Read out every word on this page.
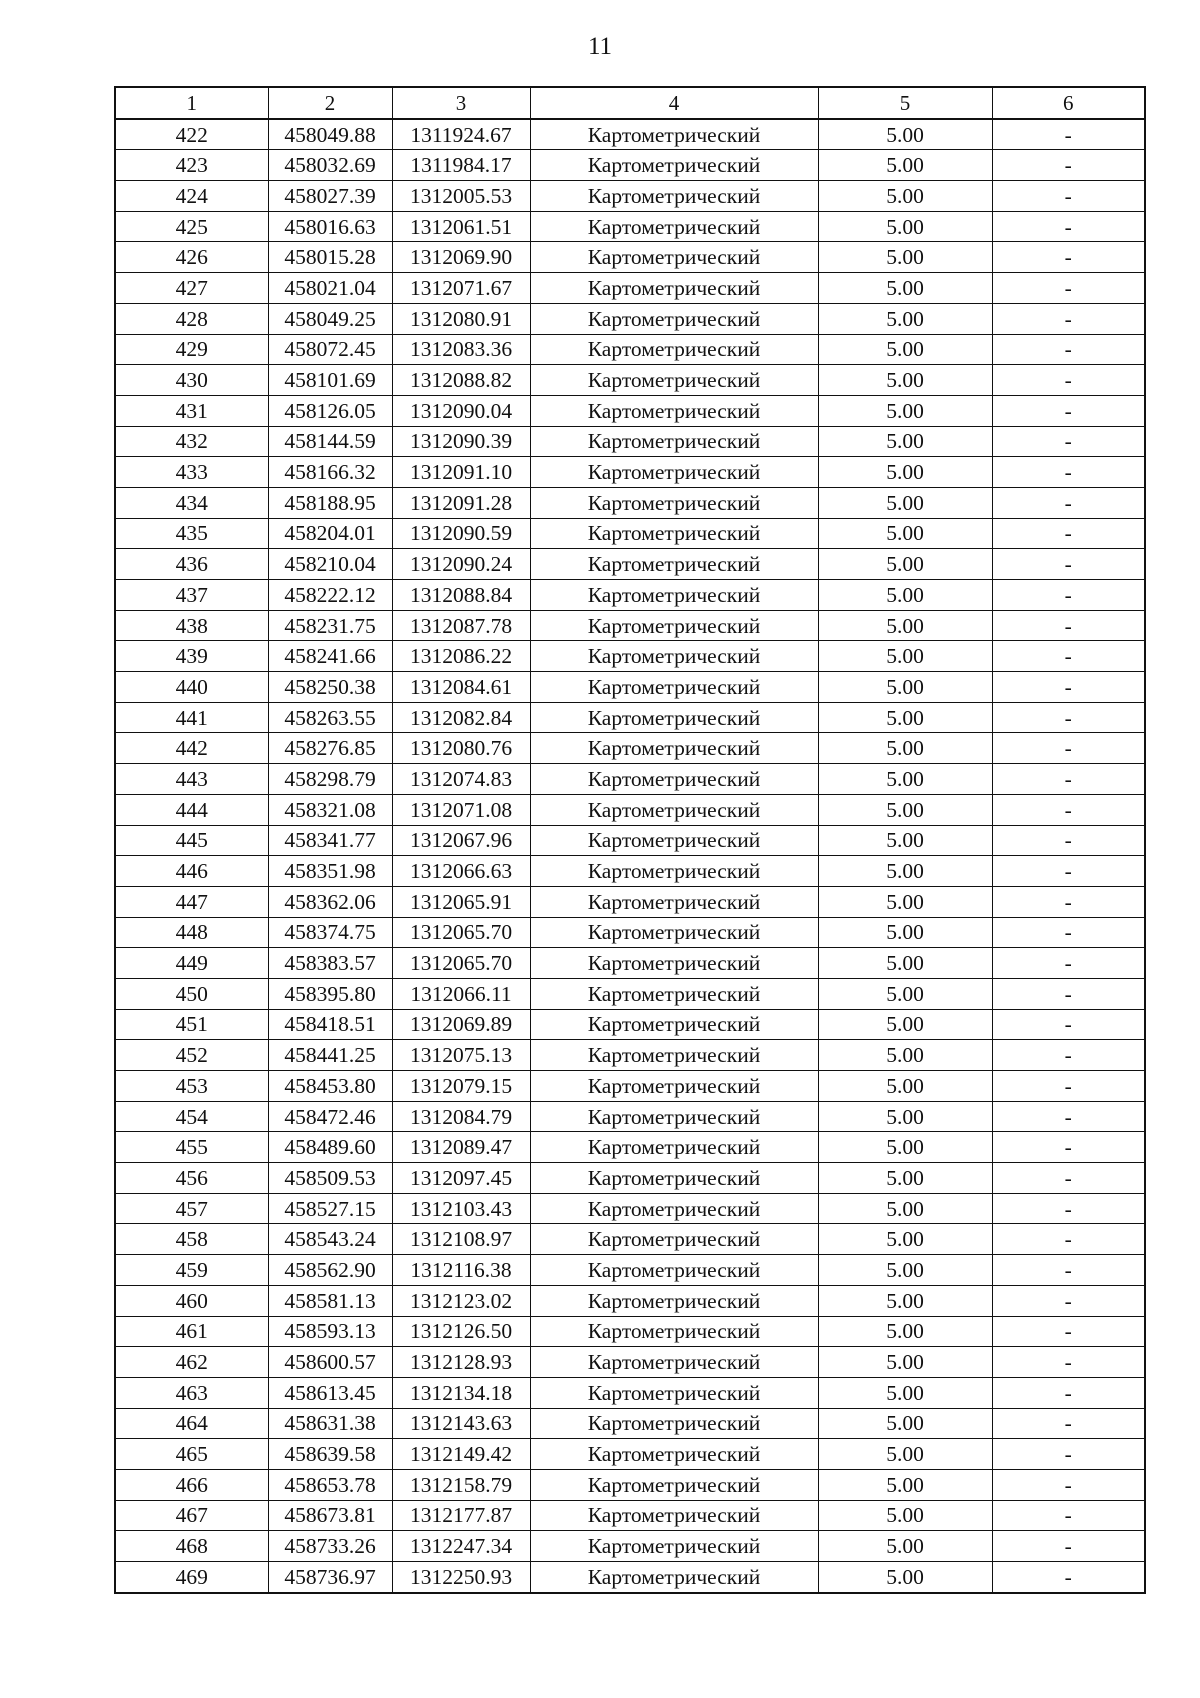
11
1	2	3	4	5	6
422	458049.88	1311924.67	Картометрический	5.00	-
423	458032.69	1311984.17	Картометрический	5.00	-
424	458027.39	1312005.53	Картометрический	5.00	-
425	458016.63	1312061.51	Картометрический	5.00	-
426	458015.28	1312069.90	Картометрический	5.00	-
427	458021.04	1312071.67	Картометрический	5.00	-
428	458049.25	1312080.91	Картометрический	5.00	-
429	458072.45	1312083.36	Картометрический	5.00	-
430	458101.69	1312088.82	Картометрический	5.00	-
431	458126.05	1312090.04	Картометрический	5.00	-
432	458144.59	1312090.39	Картометрический	5.00	-
433	458166.32	1312091.10	Картометрический	5.00	-
434	458188.95	1312091.28	Картометрический	5.00	-
435	458204.01	1312090.59	Картометрический	5.00	-
436	458210.04	1312090.24	Картометрический	5.00	-
437	458222.12	1312088.84	Картометрический	5.00	-
438	458231.75	1312087.78	Картометрический	5.00	-
439	458241.66	1312086.22	Картометрический	5.00	-
440	458250.38	1312084.61	Картометрический	5.00	-
441	458263.55	1312082.84	Картометрический	5.00	-
442	458276.85	1312080.76	Картометрический	5.00	-
443	458298.79	1312074.83	Картометрический	5.00	-
444	458321.08	1312071.08	Картометрический	5.00	-
445	458341.77	1312067.96	Картометрический	5.00	-
446	458351.98	1312066.63	Картометрический	5.00	-
447	458362.06	1312065.91	Картометрический	5.00	-
448	458374.75	1312065.70	Картометрический	5.00	-
449	458383.57	1312065.70	Картометрический	5.00	-
450	458395.80	1312066.11	Картометрический	5.00	-
451	458418.51	1312069.89	Картометрический	5.00	-
452	458441.25	1312075.13	Картометрический	5.00	-
453	458453.80	1312079.15	Картометрический	5.00	-
454	458472.46	1312084.79	Картометрический	5.00	-
455	458489.60	1312089.47	Картометрический	5.00	-
456	458509.53	1312097.45	Картометрический	5.00	-
457	458527.15	1312103.43	Картометрический	5.00	-
458	458543.24	1312108.97	Картометрический	5.00	-
459	458562.90	1312116.38	Картометрический	5.00	-
460	458581.13	1312123.02	Картометрический	5.00	-
461	458593.13	1312126.50	Картометрический	5.00	-
462	458600.57	1312128.93	Картометрический	5.00	-
463	458613.45	1312134.18	Картометрический	5.00	-
464	458631.38	1312143.63	Картометрический	5.00	-
465	458639.58	1312149.42	Картометрический	5.00	-
466	458653.78	1312158.79	Картометрический	5.00	-
467	458673.81	1312177.87	Картометрический	5.00	-
468	458733.26	1312247.34	Картометрический	5.00	-
469	458736.97	1312250.93	Картометрический	5.00	-
